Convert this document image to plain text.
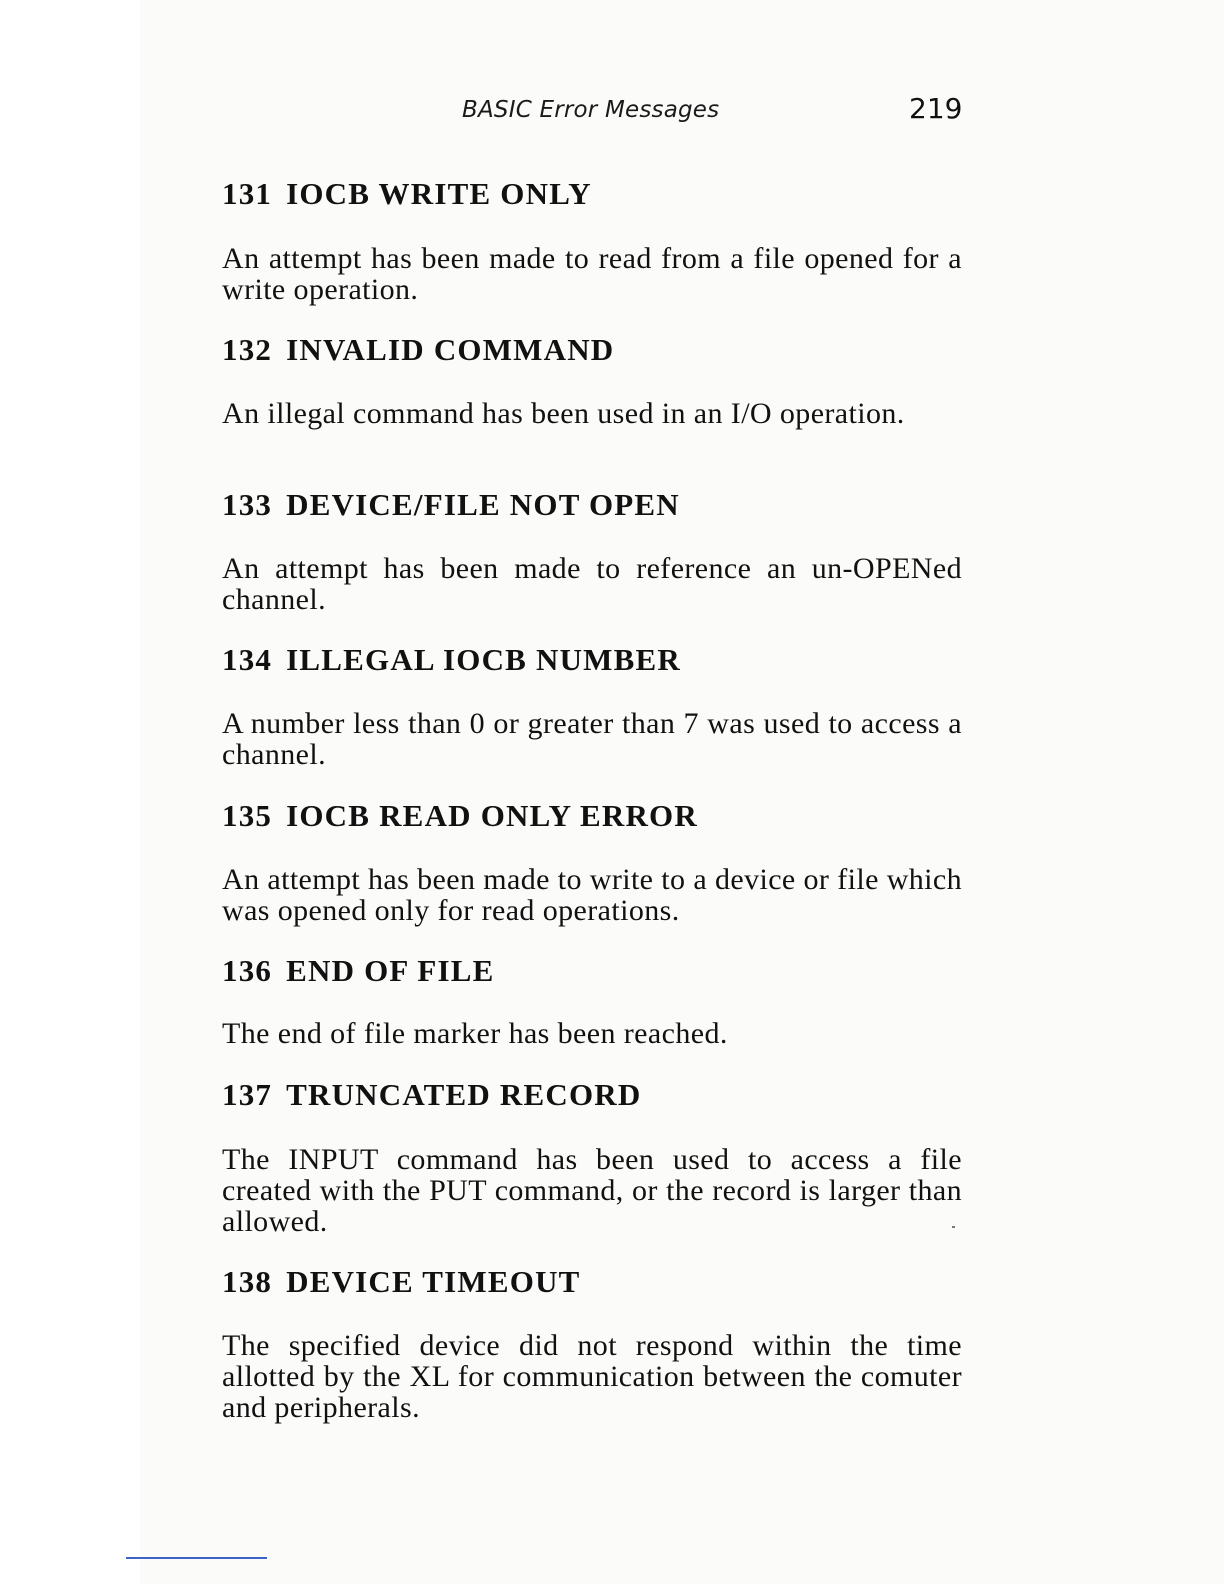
BASIC Error Messages	219
131 IOCB WRITE ONLY

An attempt has been made to read from a file opened for a write operation.

132 INVALID COMMAND

An illegal command has been used in an I/O operation.

133 DEVICE/FILE NOT OPEN

An attempt has been made to reference an un-OPENed channel.

134 ILLEGAL IOCB NUMBER

A number less than 0 or greater than 7 was used to access a channel.

135 IOCB READ ONLY ERROR

An attempt has been made to write to a device or file which was opened only for read operations.

136 END OF FILE

The end of file marker has been reached.

137 TRUNCATED RECORD

The INPUT command has been used to access a file created with the PUT command, or the record is larger than allowed.

138 DEVICE TIMEOUT

The specified device did not respond within the time allotted by the XL for communication between the comuter and peripherals.
